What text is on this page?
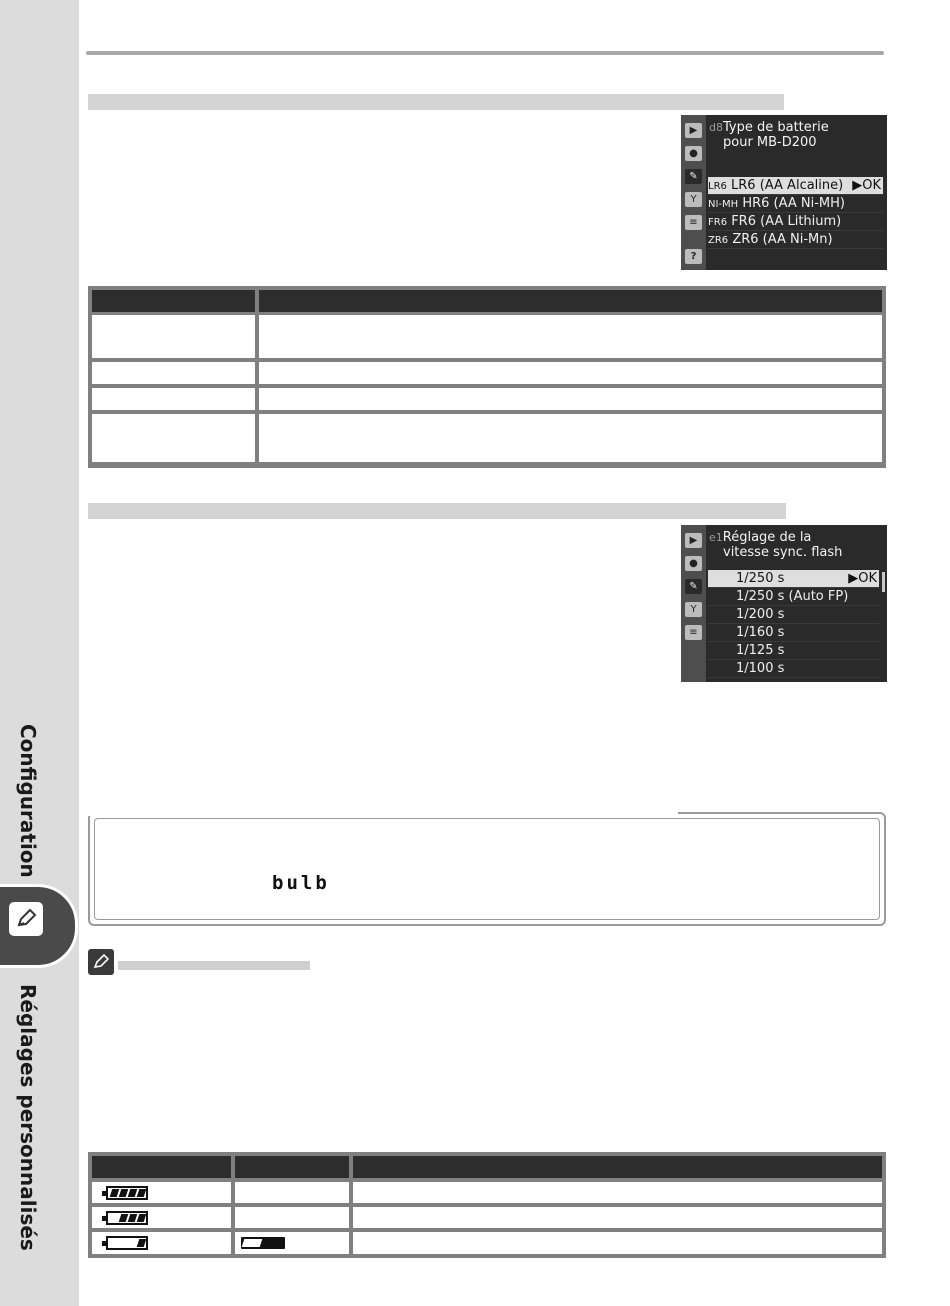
Configuration
Réglages personnalisés
▶
●
✎
Y
≡
?
d8Type de batterie
pour MB-D200
LR6 LR6 (AA Alcaline) ▶OK
NI-MH HR6 (AA Ni-MH)
FR6 FR6 (AA Lithium)
ZR6 ZR6 (AA Ni-Mn)
▶
●
✎
Y
≡
e1Réglage de la
vitesse sync. flash
1/250 s	▶OK
1/250 s (Auto FP)
1/200 s
1/160 s
1/125 s
1/100 s
bulb
